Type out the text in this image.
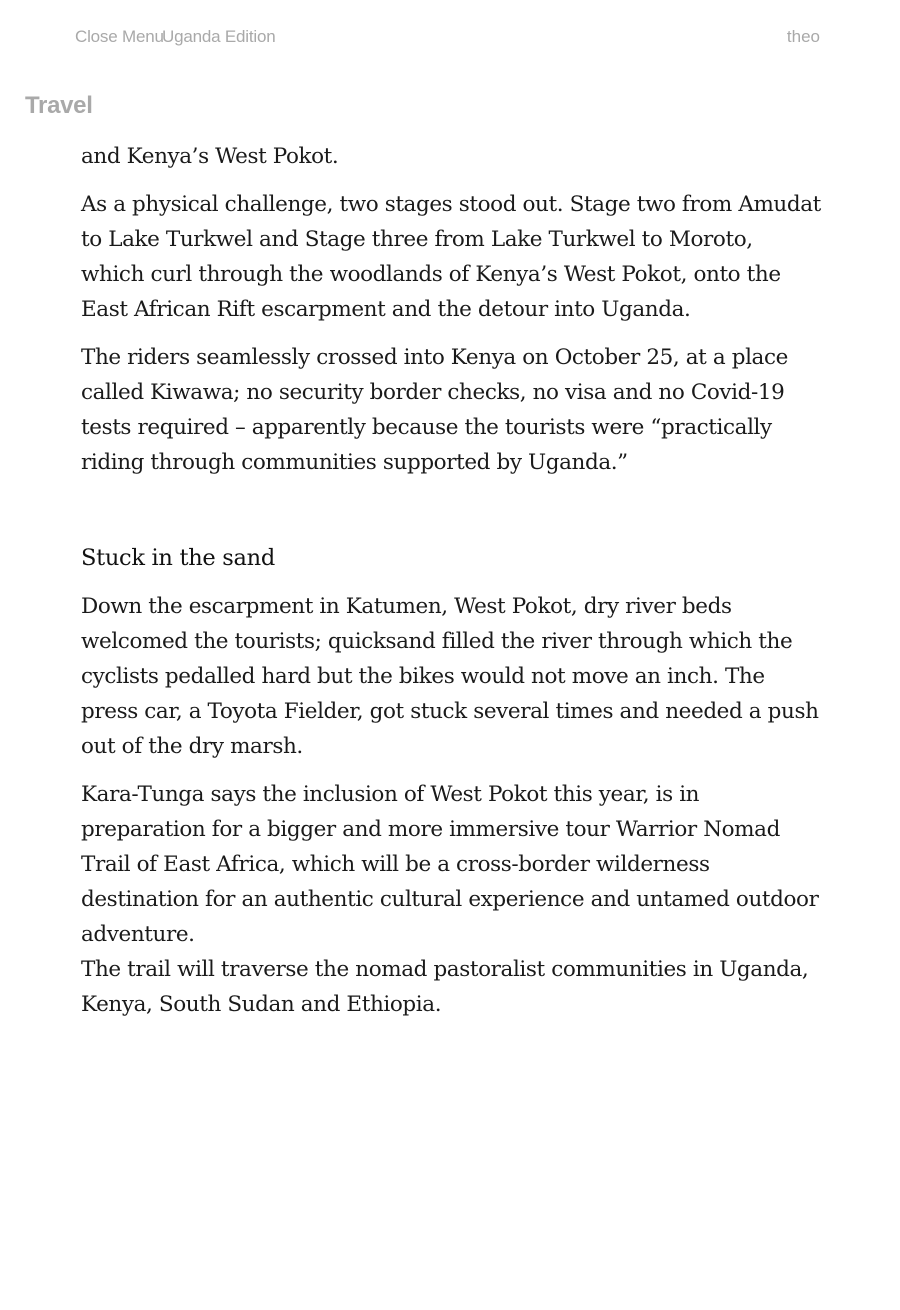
Close Menu
Uganda Edition	theo
Travel

and Kenya’s West Pokot.

As a physical challenge, two stages stood out. Stage two from Amudat to Lake Turkwel and Stage three from Lake Turkwel to Moroto, which curl through the woodlands of Kenya’s West Pokot, onto the East African Rift escarpment and the detour into Uganda.

The riders seamlessly crossed into Kenya on October 25, at a place called Kiwawa; no security border checks, no visa and no Covid-19 tests required – apparently because the tourists were “practically riding through communities supported by Uganda.”

Stuck in the sand

Down the escarpment in Katumen, West Pokot, dry river beds welcomed the tourists; quicksand filled the river through which the cyclists pedalled hard but the bikes would not move an inch. The press car, a Toyota Fielder, got stuck several times and needed a push out of the dry marsh.

Kara-Tunga says the inclusion of West Pokot this year, is in preparation for a bigger and more immersive tour Warrior Nomad Trail of East Africa, which will be a cross-border wilderness destination for an authentic cultural experience and untamed outdoor adventure.

The trail will traverse the nomad pastoralist communities in Uganda, Kenya, South Sudan and Ethiopia.
